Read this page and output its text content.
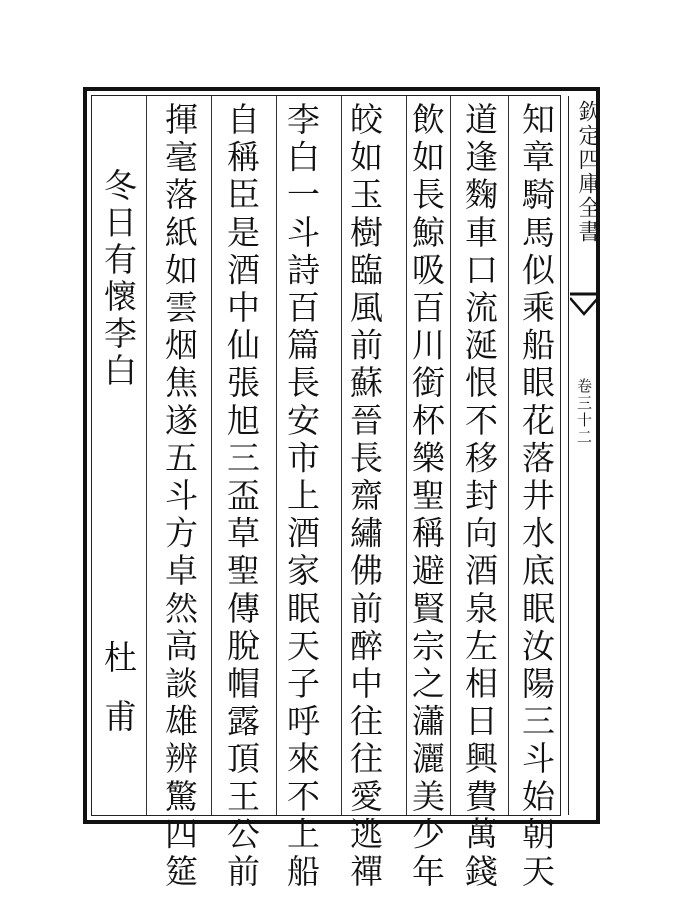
欽定四庫全書
卷三十二
知章騎馬似乘船眼花落井水底眠汝陽三斗始朝天
道逢麴車口流涎恨不移封向酒泉左相日興費萬錢
飲如長鯨吸百川銜杯樂聖稱避賢宗之瀟灑美少年
皎如玉樹臨風前蘇晉長齋繡佛前醉中往往愛逃禪
李白一斗詩百篇長安市上酒家眠天子呼來不上船
自稱臣是酒中仙張旭三盃草聖傳脫帽露頂王公前
揮毫落紙如雲烟焦遂五斗方卓然高談雄辨驚四筵
冬日有懷李白
杜甫
